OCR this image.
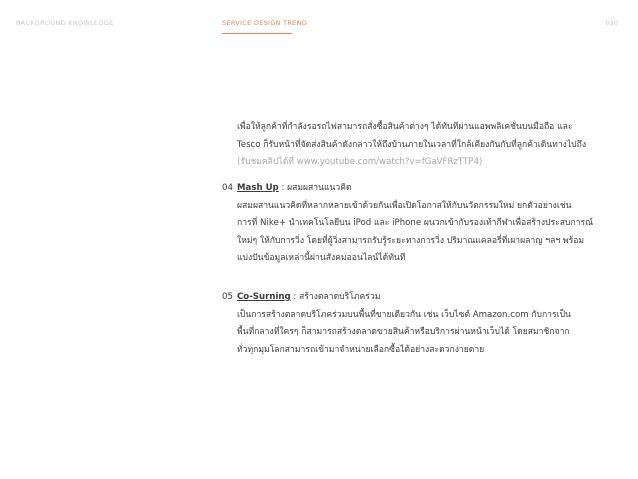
BACKGROUND KNOWLEDGE	SERVICE DESIGN TREND	020

เพื่อให้ลูกค้าที่กำลังรอรถไฟสามารถสั่งซื้อสินค้าต่างๆ ได้ทันทีผ่านแอพพลิเคชั่นบนมือถือ และ

Tesco ก็รับหน้าที่จัดส่งสินค้าดังกล่าวให้ถึงบ้านภายในเวลาที่ใกล้เคียงกันกับที่ลูกค้าเดินทางไปถึง

(รับชมคลิปได้ที่ www.youtube.com/watch?v=fGaVFRzTTP4)

04 Mash Up : ผสมผสานแนวคิด

ผสมผสานแนวคิดที่หลากหลายเข้าด้วยกันเพื่อเปิดโอกาสให้กับนวัตกรรมใหม่ ยกตัวอย่างเช่น

การที่ Nike+ นำเทคโนโลยีบน iPod และ iPhone ผนวกเข้ากับรองเท้ากีฬาเพื่อสร้างประสบการณ์

ใหม่ๆ ให้กับการวิ่ง โดยที่ผู้วิ่งสามารถรับรู้ระยะทางการวิ่ง ปริมาณแคลอรี่ที่เผาผลาญ ฯลฯ พร้อม

แบ่งปันข้อมูลเหล่านี้ผ่านสังคมออนไลน์ได้ทันที

05 Co-Surning : สร้างตลาดบริโภคร่วม

เป็นการสร้างตลาดบริโภคร่วมบนพื้นที่ขายเดียวกัน เช่น เว็บไซต์ Amazon.com กับการเป็น

พื้นที่กลางที่ใครๆ ก็สามารถสร้างตลาดขายสินค้าหรือบริการผ่านหน้าเว็บได้ โดยสมาชิกจาก

ทั่วทุกมุมโลกสามารถเข้ามาจำหน่ายเลือกซื้อได้อย่างสะดวกง่ายดาย
